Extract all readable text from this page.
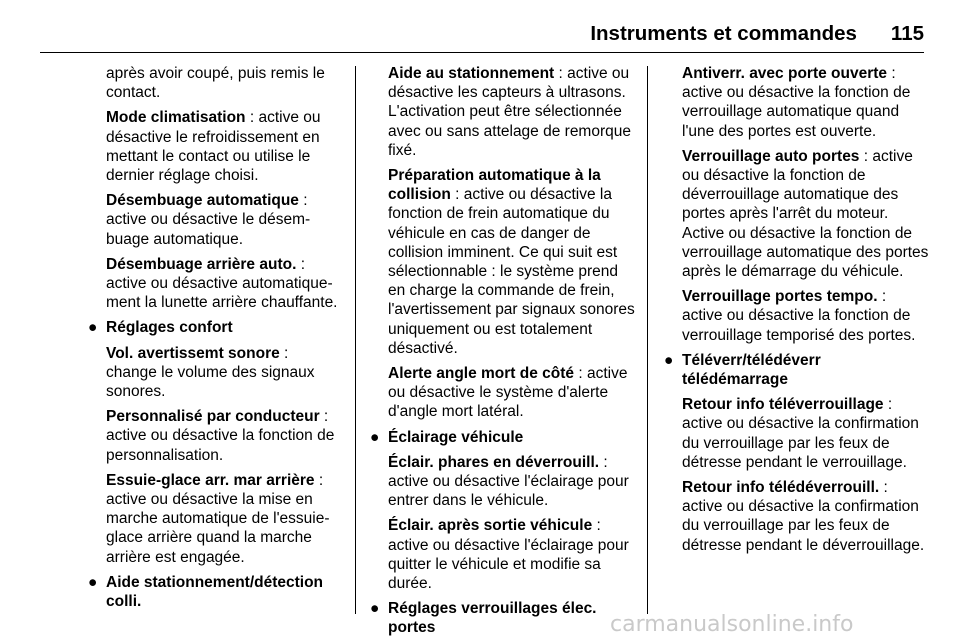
Instruments et commandes 115
après avoir coupé, puis remis le contact.
Mode climatisation : active ou désactive le refroidissement en mettant le contact ou utilise le dernier réglage choisi.
Désembuage automatique : active ou désactive le désembuage automatique.
Désembuage arrière auto. : active ou désactive automatiquement la lunette arrière chauffante.
● Réglages confort
Vol. avertissemt sonore : change le volume des signaux sonores.
Personnalisé par conducteur : active ou désactive la fonction de personnalisation.
Essuie-glace arr. mar arrière : active ou désactive la mise en marche automatique de l'essuie-glace arrière quand la marche arrière est engagée.
● Aide stationnement/détection colli.
Aide au stationnement : active ou désactive les capteurs à ultrasons. L'activation peut être sélectionnée avec ou sans attelage de remorque fixé.
Préparation automatique à la collision : active ou désactive la fonction de frein automatique du véhicule en cas de danger de collision imminent. Ce qui suit est sélectionnable : le système prend en charge la commande de frein, l'avertissement par signaux sonores uniquement ou est totalement désactivé.
Alerte angle mort de côté : active ou désactive le système d'alerte d'angle mort latéral.
● Éclairage véhicule
Éclair. phares en déverrouill. : active ou désactive l'éclairage pour entrer dans le véhicule.
Éclair. après sortie véhicule : active ou désactive l'éclairage pour quitter le véhicule et modifie sa durée.
● Réglages verrouillages élec. portes
Antiverr. avec porte ouverte : active ou désactive la fonction de verrouillage automatique quand l'une des portes est ouverte.
Verrouillage auto portes : active ou désactive la fonction de déverrouillage automatique des portes après l'arrêt du moteur. Active ou désactive la fonction de verrouillage automatique des portes après le démarrage du véhicule.
Verrouillage portes tempo. : active ou désactive la fonction de verrouillage temporisé des portes.
● Téléverr/télédéverr télédémarrage
Retour info téléverrouillage : active ou désactive la confirmation du verrouillage par les feux de détresse pendant le verrouillage.
Retour info télédéverrouill. : active ou désactive la confirmation du verrouillage par les feux de détresse pendant le déverrouillage.
carmanualsonline.info
